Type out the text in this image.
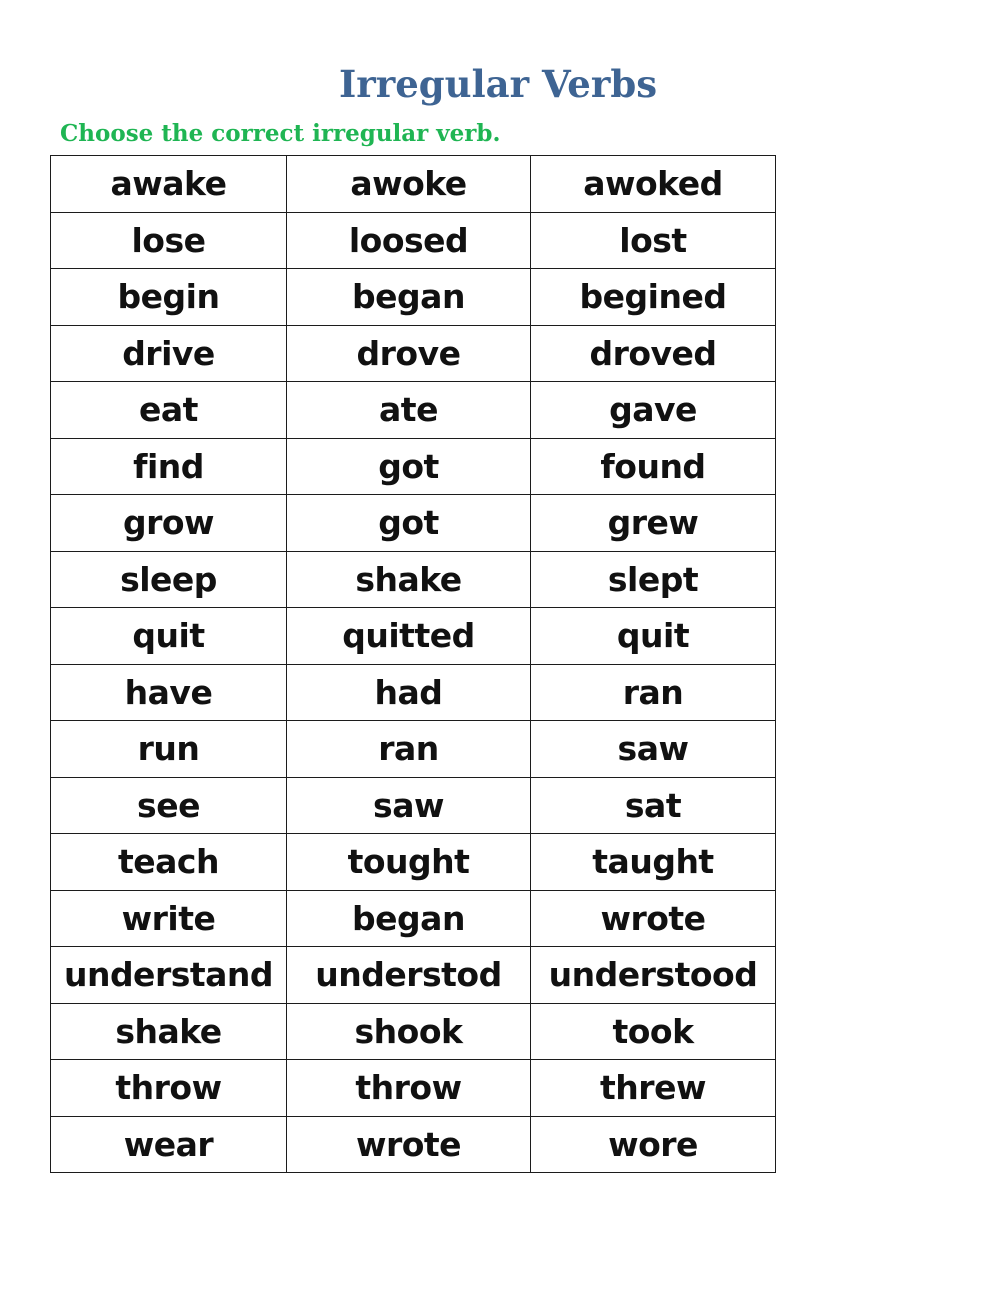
Irregular Verbs

Choose the correct irregular verb.

awake	awoke	awoked
lose	loosed	lost
begin	began	begined
drive	drove	droved
eat	ate	gave
find	got	found
grow	got	grew
sleep	shake	slept
quit	quitted	quit
have	had	ran
run	ran	saw
see	saw	sat
teach	tought	taught
write	began	wrote
understand	understod	understood
shake	shook	took
throw	throw	threw
wear	wrote	wore
